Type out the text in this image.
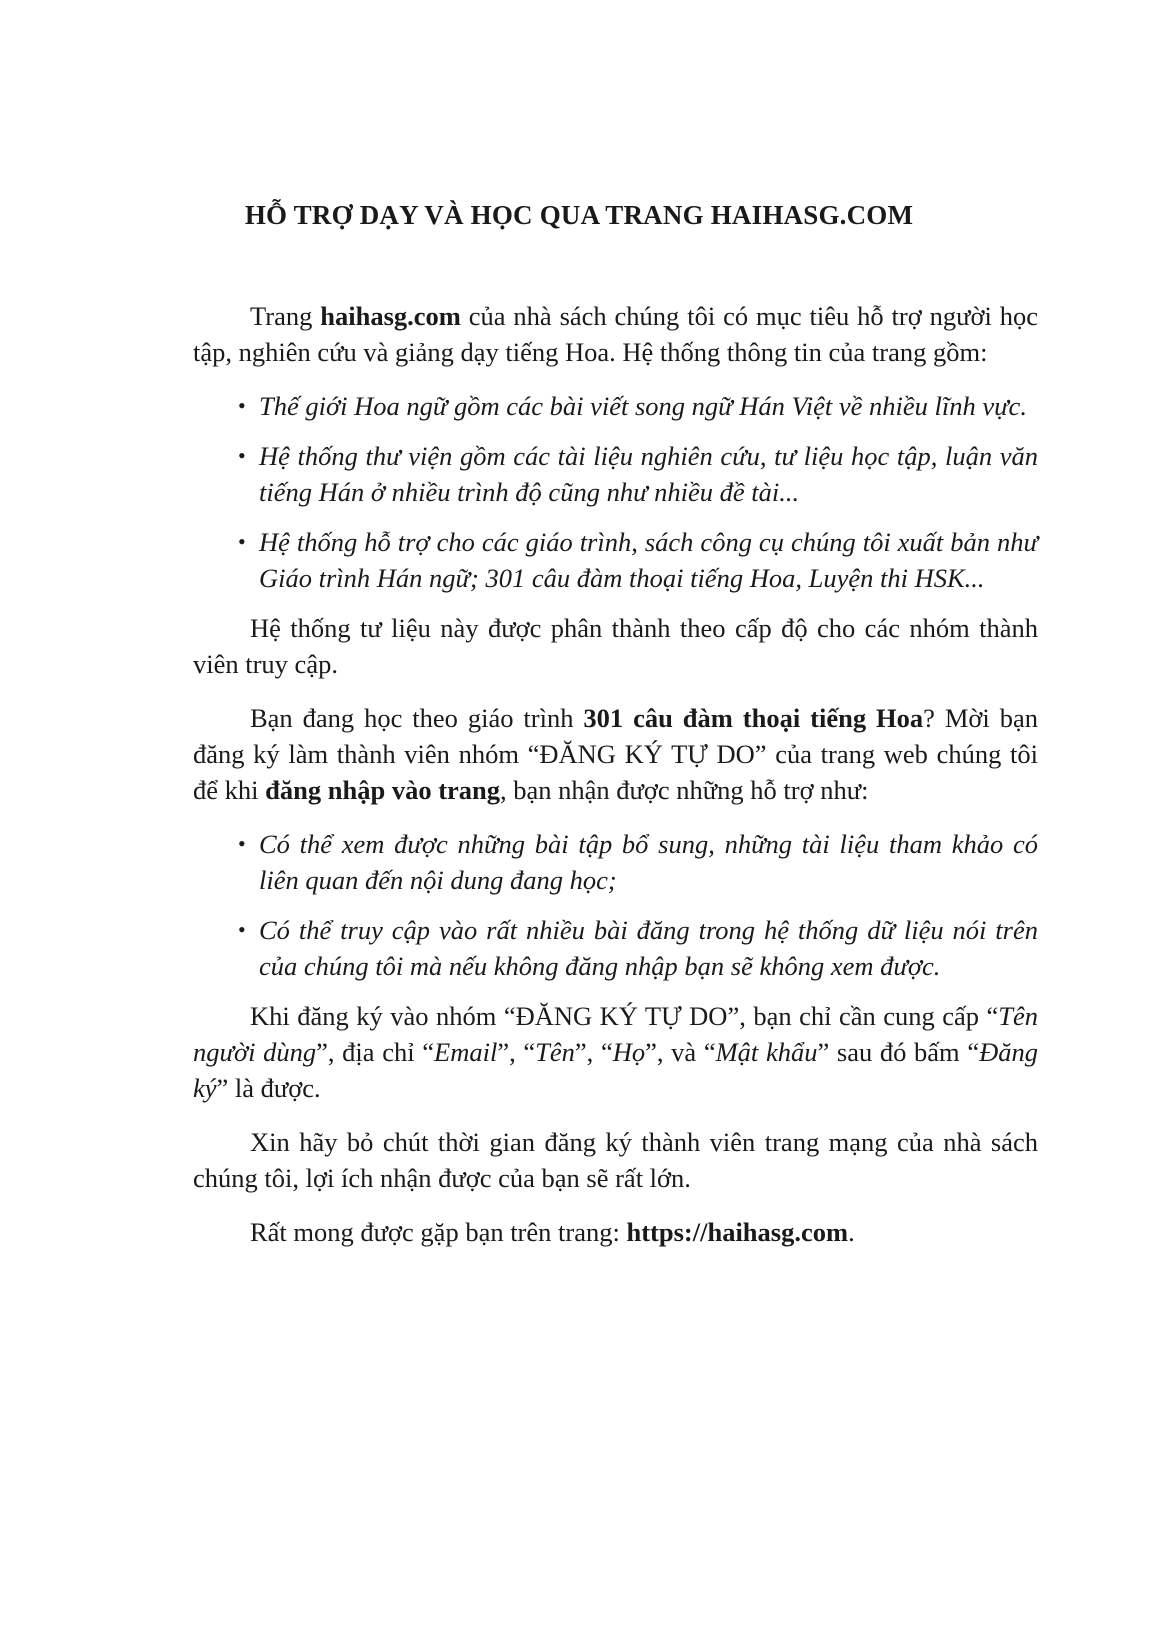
HỖ TRỢ DẠY VÀ HỌC QUA TRANG HAIHASG.COM

Trang haihasg.com của nhà sách chúng tôi có mục tiêu hỗ trợ người học tập, nghiên cứu và giảng dạy tiếng Hoa. Hệ thống thông tin của trang gồm:

• Thế giới Hoa ngữ gồm các bài viết song ngữ Hán Việt về nhiều lĩnh vực.
• Hệ thống thư viện gồm các tài liệu nghiên cứu, tư liệu học tập, luận văn tiếng Hán ở nhiều trình độ cũng như nhiều đề tài...
• Hệ thống hỗ trợ cho các giáo trình, sách công cụ chúng tôi xuất bản như Giáo trình Hán ngữ; 301 câu đàm thoại tiếng Hoa, Luyện thi HSK...

Hệ thống tư liệu này được phân thành theo cấp độ cho các nhóm thành viên truy cập.

Bạn đang học theo giáo trình 301 câu đàm thoại tiếng Hoa? Mời bạn đăng ký làm thành viên nhóm “ĐĂNG KÝ TỰ DO” của trang web chúng tôi để khi đăng nhập vào trang, bạn nhận được những hỗ trợ như:

• Có thể xem được những bài tập bổ sung, những tài liệu tham khảo có liên quan đến nội dung đang học;
• Có thể truy cập vào rất nhiều bài đăng trong hệ thống dữ liệu nói trên của chúng tôi mà nếu không đăng nhập bạn sẽ không xem được.

Khi đăng ký vào nhóm “ĐĂNG KÝ TỰ DO”, bạn chỉ cần cung cấp “Tên người dùng”, địa chỉ “Email”, “Tên”, “Họ”, và “Mật khẩu” sau đó bấm “Đăng ký” là được.

Xin hãy bỏ chút thời gian đăng ký thành viên trang mạng của nhà sách chúng tôi, lợi ích nhận được của bạn sẽ rất lớn.

Rất mong được gặp bạn trên trang: https://haihasg.com.
